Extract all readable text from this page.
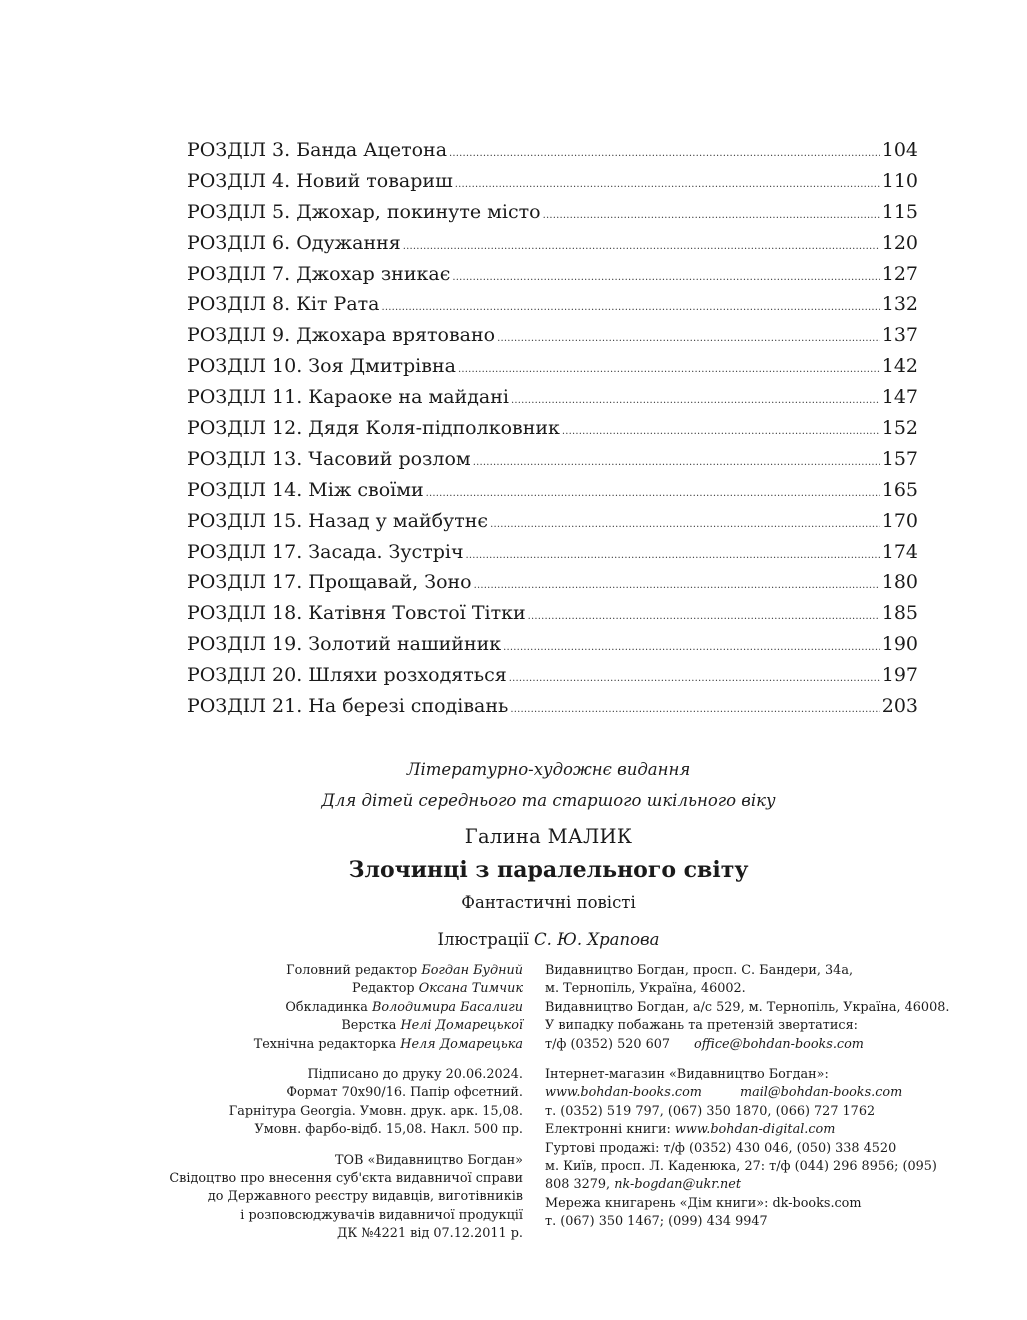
РОЗДІЛ 3. Банда Ацетона .....	104
РОЗДІЛ 4. Новий товариш .....	110
РОЗДІЛ 5. Джохар, покинуте місто .....	115
РОЗДІЛ 6. Одужання .....	120
РОЗДІЛ 7. Джохар зникає .....	127
РОЗДІЛ 8. Кіт Рата .....	132
РОЗДІЛ 9. Джохара врятовано .....	137
РОЗДІЛ 10. Зоя Дмитрівна .....	142
РОЗДІЛ 11. Караоке на майдані .....	147
РОЗДІЛ 12. Дядя Коля-підполковник .....	152
РОЗДІЛ 13. Часовий розлом .....	157
РОЗДІЛ 14. Між своїми .....	165
РОЗДІЛ 15. Назад у майбутнє .....	170
РОЗДІЛ 17. Засада. Зустріч .....	174
РОЗДІЛ 17. Прощавай, Зоно .....	180
РОЗДІЛ 18. Катівня Товстої Тітки .....	185
РОЗДІЛ 19. Золотий нашийник .....	190
РОЗДІЛ 20. Шляхи розходяться .....	197
РОЗДІЛ 21. На березі сподівань .....	203

Літературно-художнє видання

Для дітей середнього та старшого шкільного віку

Галина МАЛИК

Злочинці з паралельного світу

Фантастичні повісті

Ілюстрації С. Ю. Храпова

Головний редактор Богдан Будний

Редактор Оксана Тимчик

Обкладинка Володимира Басалиги

Верстка Нелі Домарецької

Технічна редакторка Неля Домарецька

Підписано до друку 20.06.2024.

Формат 70х90/16. Папір офсетний.

Гарнітура Georgia. Умовн. друк. арк. 15,08.

Умовн. фарбо-відб. 15,08. Накл. 500 пр.

ТОВ «Видавництво Богдан»

Свідоцтво про внесення суб'єкта видавничої справи

до Державного реєстру видавців, виготівників

і розповсюджувачів видавничої продукції

ДК №4221 від 07.12.2011 р.

Видавництво Богдан, просп. С. Бандери, 34а,

м. Тернопіль, Україна, 46002.

Видавництво Богдан, а/с 529, м. Тернопіль, Україна, 46008.

У випадку побажань та претензій звертатися:

т/ф (0352) 520 607 office@bohdan-books.com

Інтернет-магазин «Видавництво Богдан»:

www.bohdan-books.com	mail@bohdan-books.com

т. (0352) 519 797, (067) 350 1870, (066) 727 1762

Електронні книги: www.bohdan-digital.com

Гуртові продажі: т/ф (0352) 430 046, (050) 338 4520

м. Київ, просп. Л. Каденюка, 27: т/ф (044) 296 8956; (095)

808 3279, nk-bogdan@ukr.net

Мережа книгарень «Дім книги»: dk-books.com

т. (067) 350 1467; (099) 434 9947
